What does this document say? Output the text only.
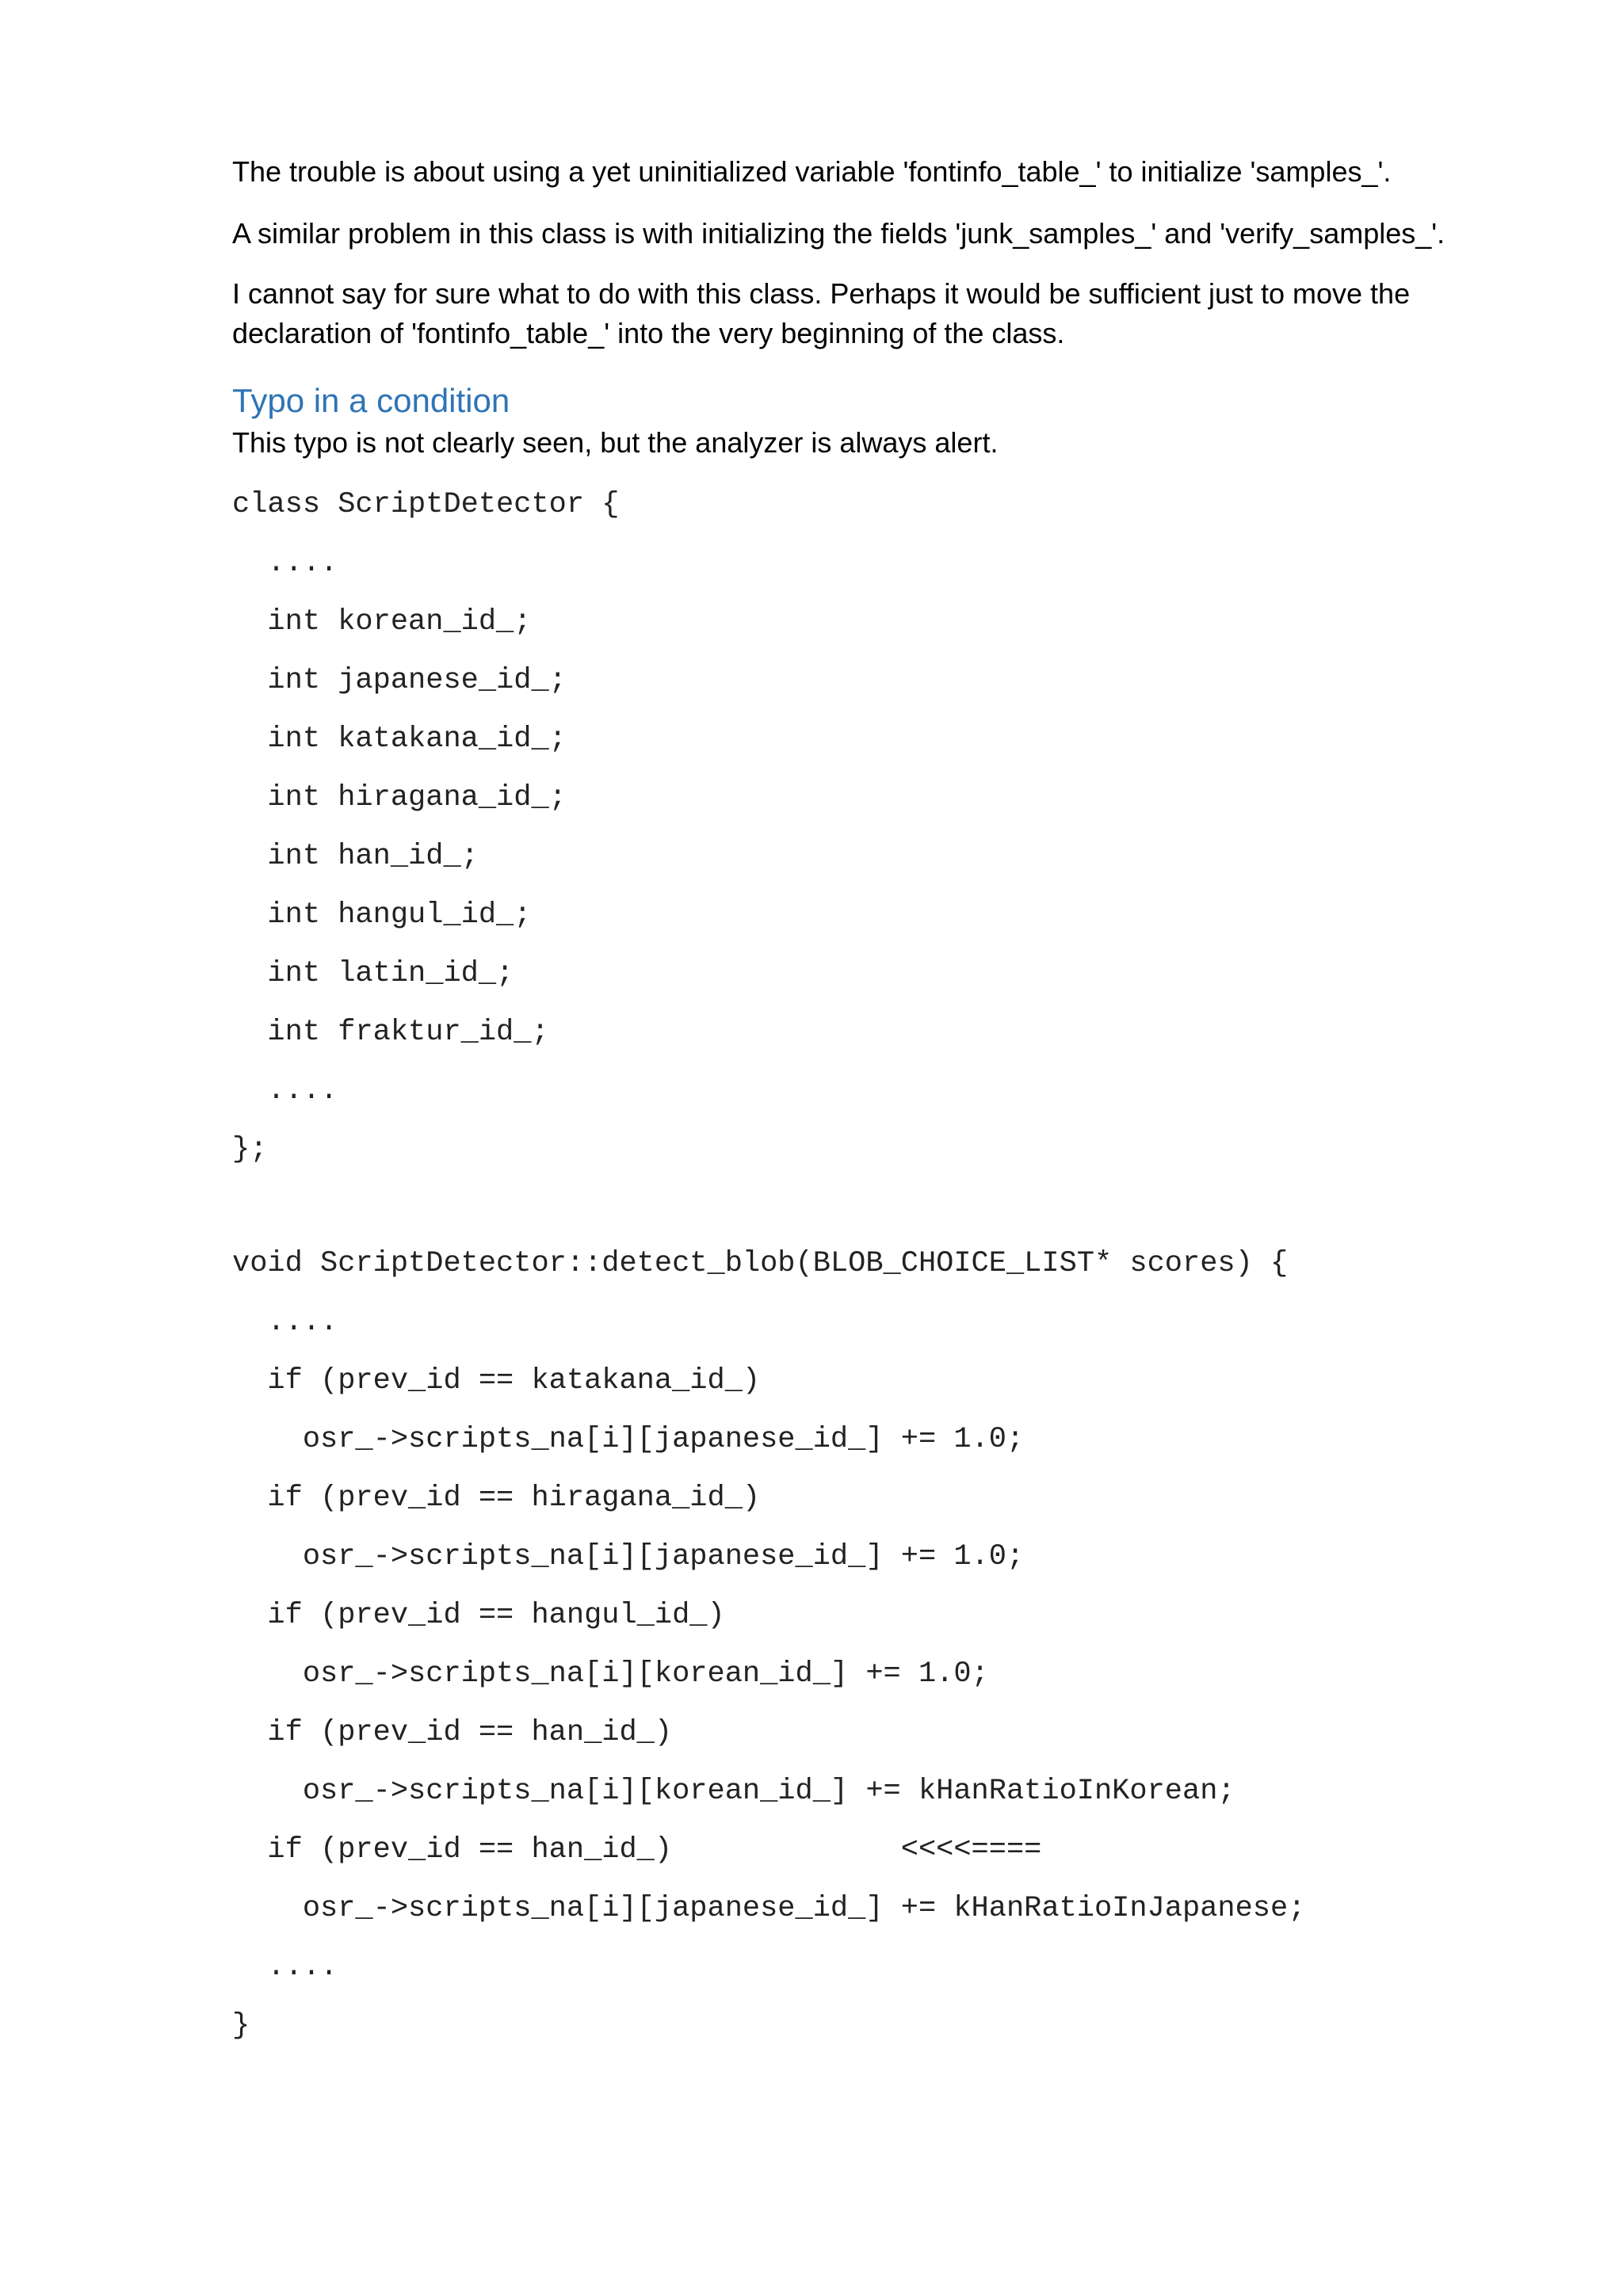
The trouble is about using a yet uninitialized variable 'fontinfo_table_' to initialize 'samples_'.

A similar problem in this class is with initializing the fields 'junk_samples_' and 'verify_samples_'.

I cannot say for sure what to do with this class. Perhaps it would be sufficient just to move the

declaration of 'fontinfo_table_' into the very beginning of the class.

Typo in a condition

This typo is not clearly seen, but the analyzer is always alert.

class ScriptDetector {
....
int korean_id_;
int japanese_id_;
int katakana_id_;
int hiragana_id_;
int han_id_;
int hangul_id_;
int latin_id_;
int fraktur_id_;
....
};
void ScriptDetector::detect_blob(BLOB_CHOICE_LIST* scores) {
....
if (prev_id == katakana_id_)
osr_->scripts_na[i][japanese_id_] += 1.0;
if (prev_id == hiragana_id_)
osr_->scripts_na[i][japanese_id_] += 1.0;
if (prev_id == hangul_id_)
osr_->scripts_na[i][korean_id_] += 1.0;
if (prev_id == han_id_)
osr_->scripts_na[i][korean_id_] += kHanRatioInKorean;
if (prev_id == han_id_)             <<<<====
osr_->scripts_na[i][japanese_id_] += kHanRatioInJapanese;
....
}
